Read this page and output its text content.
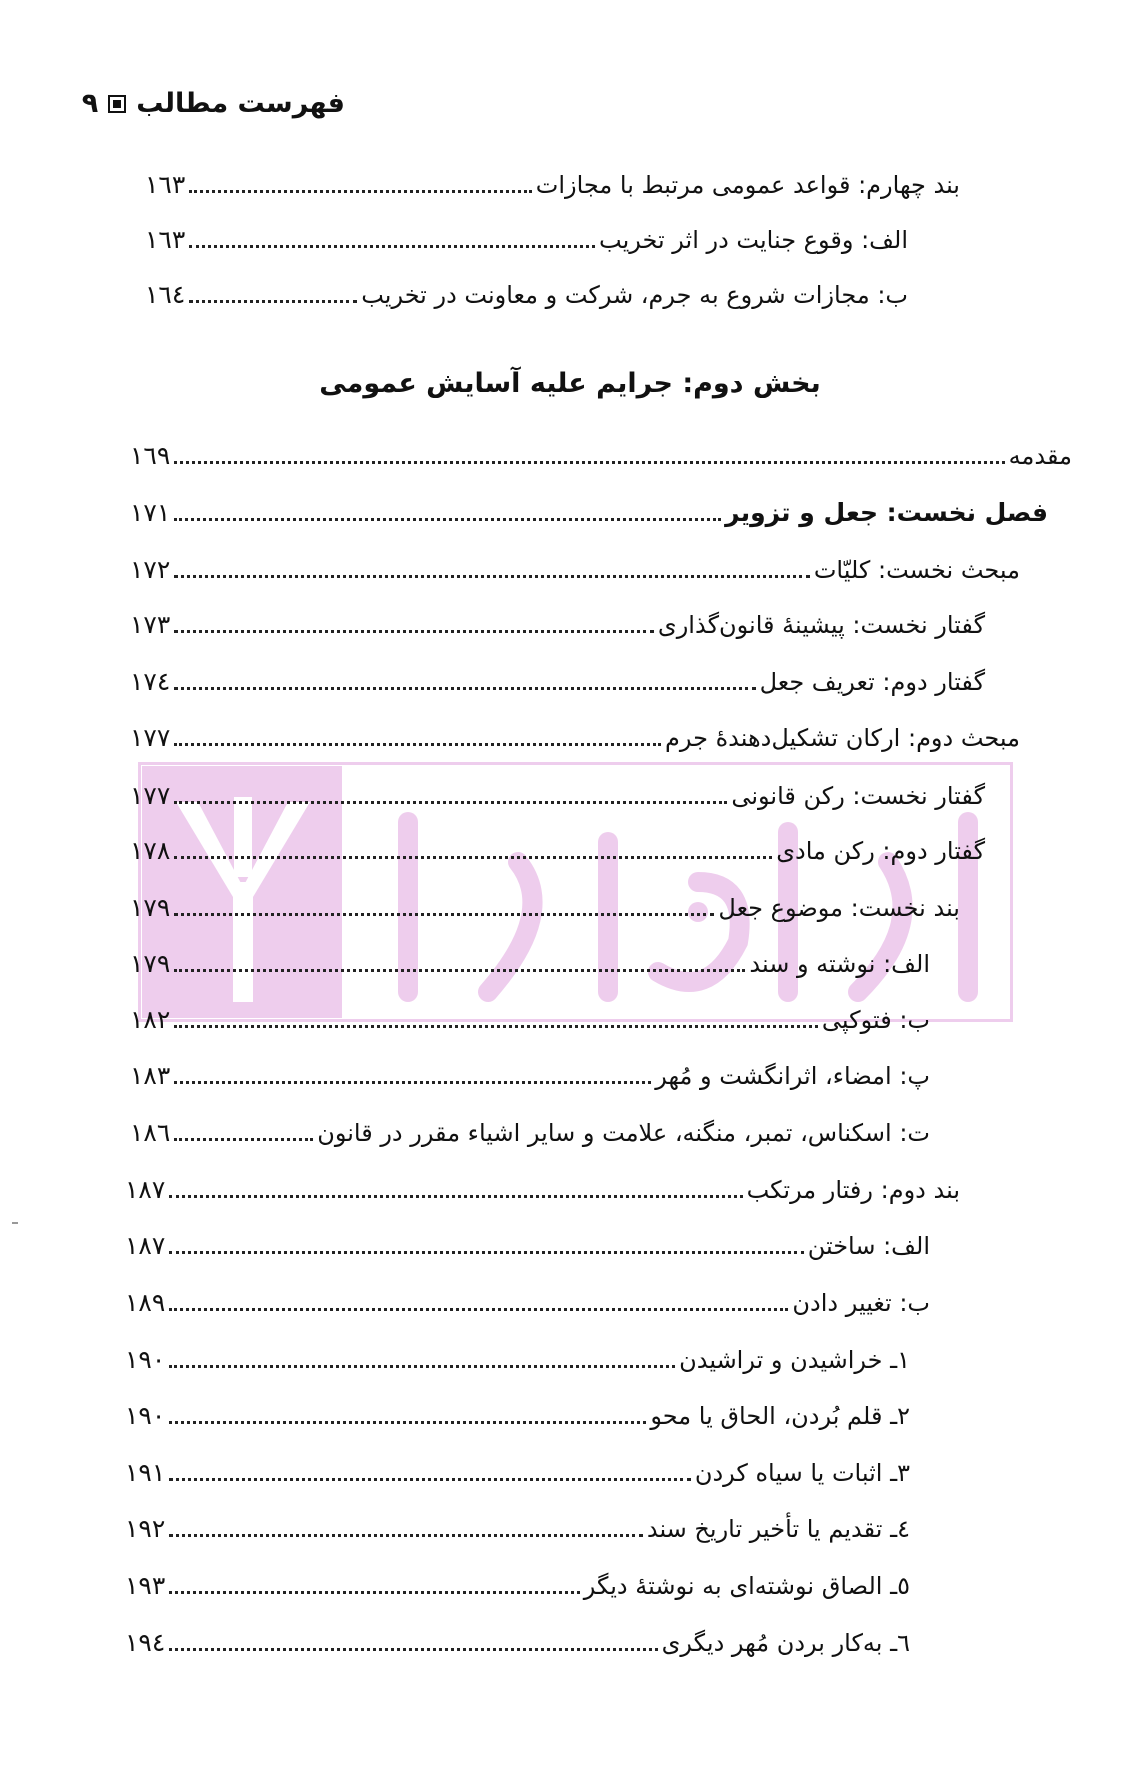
فهرست مطالب
٩
بند چهارم: قواعد عمومی مرتبط با مجازات
١٦٣
الف: وقوع جنایت در اثر تخریب
١٦٣
ب: مجازات شروع به جرم، شرکت و معاونت در تخریب
١٦٤
بخش دوم: جرایم علیه آسایش عمومی
مقدمه
١٦٩
فصل نخست: جعل و تزویر
١٧١
مبحث نخست: کلیّات
١٧٢
گفتار نخست: پیشینۀ قانون‌گذاری
١٧٣
گفتار دوم: تعریف جعل
١٧٤
مبحث دوم: ارکان تشکیل‌دهندۀ جرم
١٧٧
گفتار نخست: رکن قانونی
١٧٧
گفتار دوم: رکن مادی
١٧٨
بند نخست: موضوع جعل
١٧٩
الف: نوشته و سند
١٧٩
ب: فتوکپی
١٨٢
پ: امضاء، اثرانگشت و مُهر
١٨٣
ت: اسکناس، تمبر، منگنه، علامت و سایر اشیاء مقرر در قانون
١٨٦
بند دوم: رفتار مرتکب
١٨٧
الف: ساختن
١٨٧
ب: تغییر دادن
١٨٩
١ـ خراشیدن و تراشیدن
١٩٠
٢ـ قلم بُردن، الحاق یا محو
١٩٠
٣ـ اثبات یا سیاه کردن
١٩١
٤ـ تقدیم یا تأخیر تاریخ سند
١٩٢
٥ـ الصاق نوشته‌ای به نوشتۀ دیگر
١٩٣
٦ـ به‌کار بردن مُهر دیگری
١٩٤
